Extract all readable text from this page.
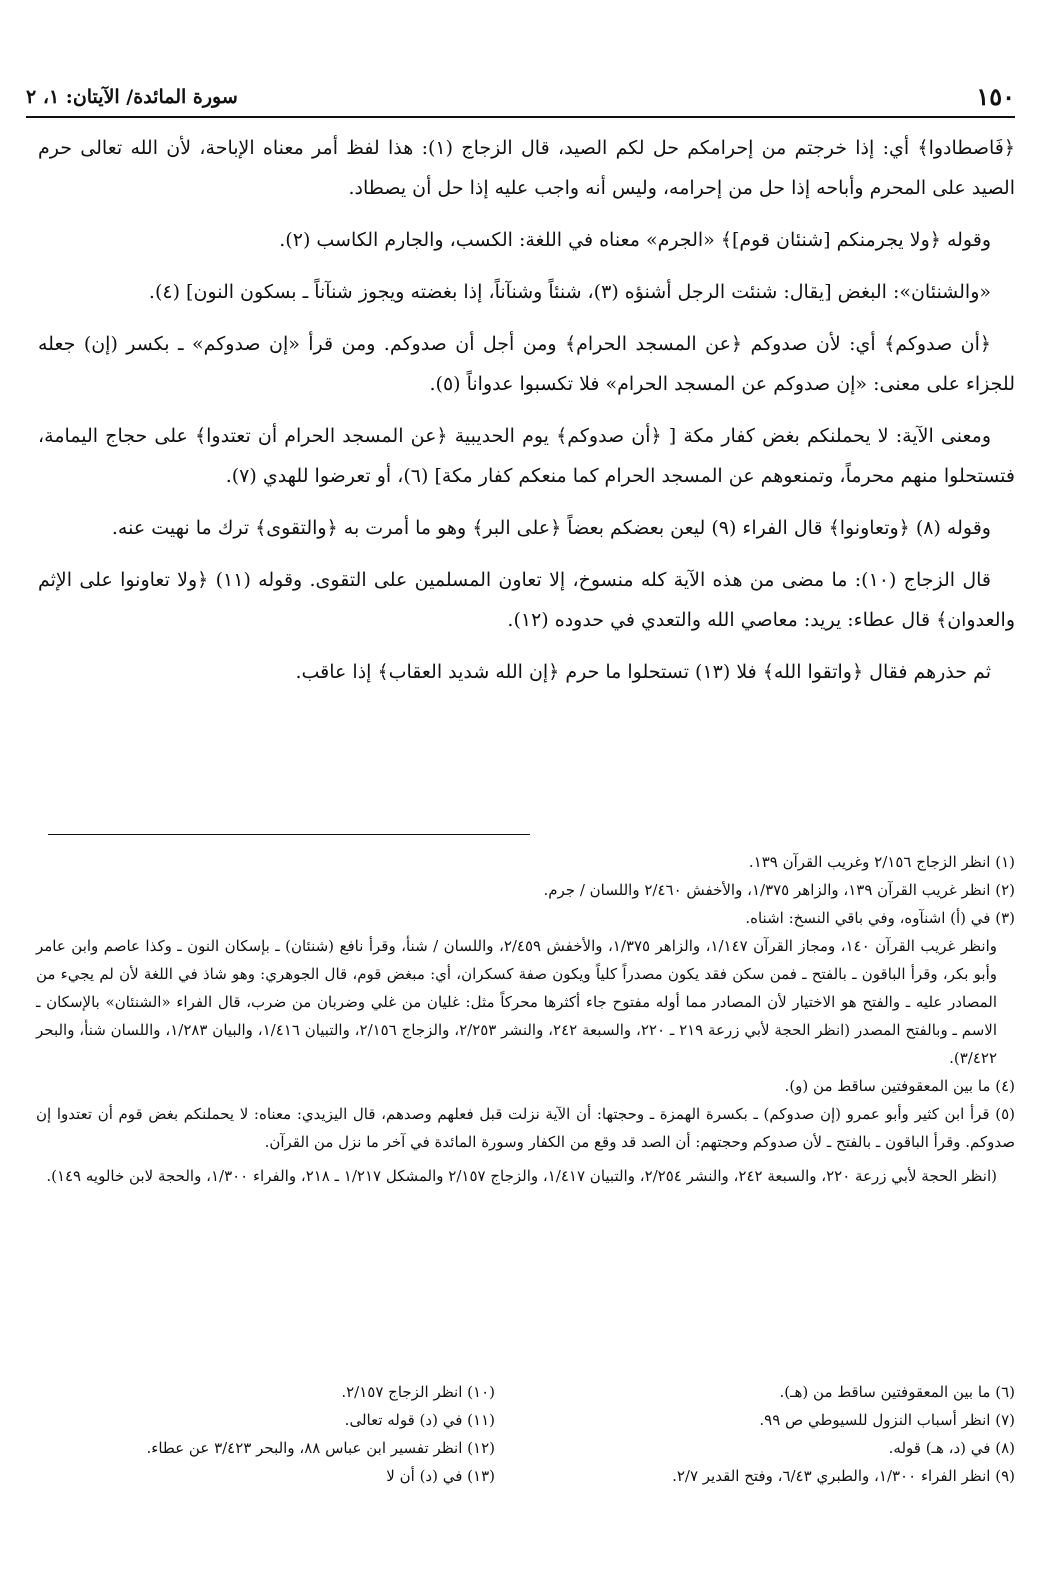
١٥٠
سورة المائدة/ الآيتان: ١، ٢

﴿فَاصطادوا﴾ أي: إذا خرجتم من إحرامكم حل لكم الصيد، قال الزجاج (١): هذا لفظ أمر معناه الإباحة، لأن الله تعالى حرم الصيد على المحرم وأباحه إذا حل من إحرامه، وليس أنه واجب عليه إذا حل أن يصطاد.

وقوله ﴿ولا يجرمنكم [شنئان قوم]﴾ «الجرم» معناه في اللغة: الكسب، والجارم الكاسب (٢).

«والشنئان»: البغض [يقال: شنئت الرجل أشنؤه (٣)، شنئاً وشنآناً، إذا بغضته ويجوز شنآناً ـ بسكون النون] (٤).

﴿أن صدوكم﴾ أي: لأن صدوكم ﴿عن المسجد الحرام﴾ ومن أجل أن صدوكم. ومن قرأ «إن صدوكم» ـ بكسر (إن) جعله للجزاء على معنى: «إن صدوكم عن المسجد الحرام» فلا تكسبوا عدواناً (٥).

ومعنى الآية: لا يحملنكم بغض كفار مكة [ ﴿أن صدوكم﴾ يوم الحديبية ﴿عن المسجد الحرام أن تعتدوا﴾ على حجاج اليمامة، فتستحلوا منهم محرماً، وتمنعوهم عن المسجد الحرام كما منعكم كفار مكة] (٦)، أو تعرضوا للهدي (٧).

وقوله (٨) ﴿وتعاونوا﴾ قال الفراء (٩) ليعن بعضكم بعضاً ﴿على البر﴾ وهو ما أمرت به ﴿والتقوى﴾ ترك ما نهيت عنه.

قال الزجاج (١٠): ما مضى من هذه الآية كله منسوخ، إلا تعاون المسلمين على التقوى. وقوله (١١) ﴿ولا تعاونوا على الإثم والعدوان﴾ قال عطاء: يريد: معاصي الله والتعدي في حدوده (١٢).

ثم حذرهم فقال ﴿واتقوا الله﴾ فلا (١٣) تستحلوا ما حرم ﴿إن الله شديد العقاب﴾ إذا عاقب.

(١) انظر الزجاج ٢/١٥٦ وغريب القرآن ١٣٩.

(٢) انظر غريب القرآن ١٣٩، والزاهر ١/٣٧٥، والأخفش ٢/٤٦٠ واللسان / جرم.

(٣) في (أ) اشنآوه، وفي باقي النسخ: اشناه.

وانظر غريب القرآن ١٤٠، ومجاز القرآن ١/١٤٧، والزاهر ١/٣٧٥، والأخفش ٢/٤٥٩، واللسان / شنأ، وقرأ نافع (شنئان) ـ بإسكان النون ـ وكذا عاصم وابن عامر وأبو بكر، وقرأ الباقون ـ بالفتح ـ فمن سكن فقد يكون مصدراً كلياً ويكون صفة كسكران، أي: مبغض قوم، قال الجوهري: وهو شاذ في اللغة لأن لم يجيء من المصادر عليه ـ والفتح هو الاختيار لأن المصادر مما أوله مفتوح جاء أكثرها محركاً مثل: غليان من غلي وضربان من ضرب، قال الفراء «الشنئان» بالإسكان ـ الاسم ـ وبالفتح المصدر (انظر الحجة لأبي زرعة ٢١٩ ـ ٢٢٠، والسبعة ٢٤٢، والنشر ٢/٢٥٣، والزجاج ٢/١٥٦، والتبيان ١/٤١٦، والبيان ١/٢٨٣، واللسان شنأ، والبحر ٣/٤٢٢).

(٤) ما بين المعقوفتين ساقط من (و).

(٥) قرأ ابن كثير وأبو عمرو (إن صدوكم) ـ بكسرة الهمزة ـ وحجتها: أن الآية نزلت قبل فعلهم وصدهم، قال اليزيدي: معناه: لا يحملنكم بغض قوم أن تعتدوا إن صدوكم. وقرأ الباقون ـ بالفتح ـ لأن صدوكم وحجتهم: أن الصد قد وقع من الكفار وسورة المائدة في آخر ما نزل من القرآن.

(انظر الحجة لأبي زرعة ٢٢٠، والسبعة ٢٤٢، والنشر ٢/٢٥٤، والتبيان ١/٤١٧، والزجاج ٢/١٥٧ والمشكل ١/٢١٧ ـ ٢١٨، والفراء ١/٣٠٠، والحجة لابن خالويه ١٤٩).

(٦) ما بين المعقوفتين ساقط من (هـ).

(٧) انظر أسباب النزول للسيوطي ص ٩٩.

(٨) في (د، هـ) قوله.

(٩) انظر الفراء ١/٣٠٠، والطبري ٦/٤٣، وفتح القدير ٢/٧.

(١٠) انظر الزجاج ٢/١٥٧.

(١١) في (د) قوله تعالى.

(١٢) انظر تفسير ابن عباس ٨٨، والبحر ٣/٤٢٣ عن عطاء.

(١٣) في (د) أن لا
